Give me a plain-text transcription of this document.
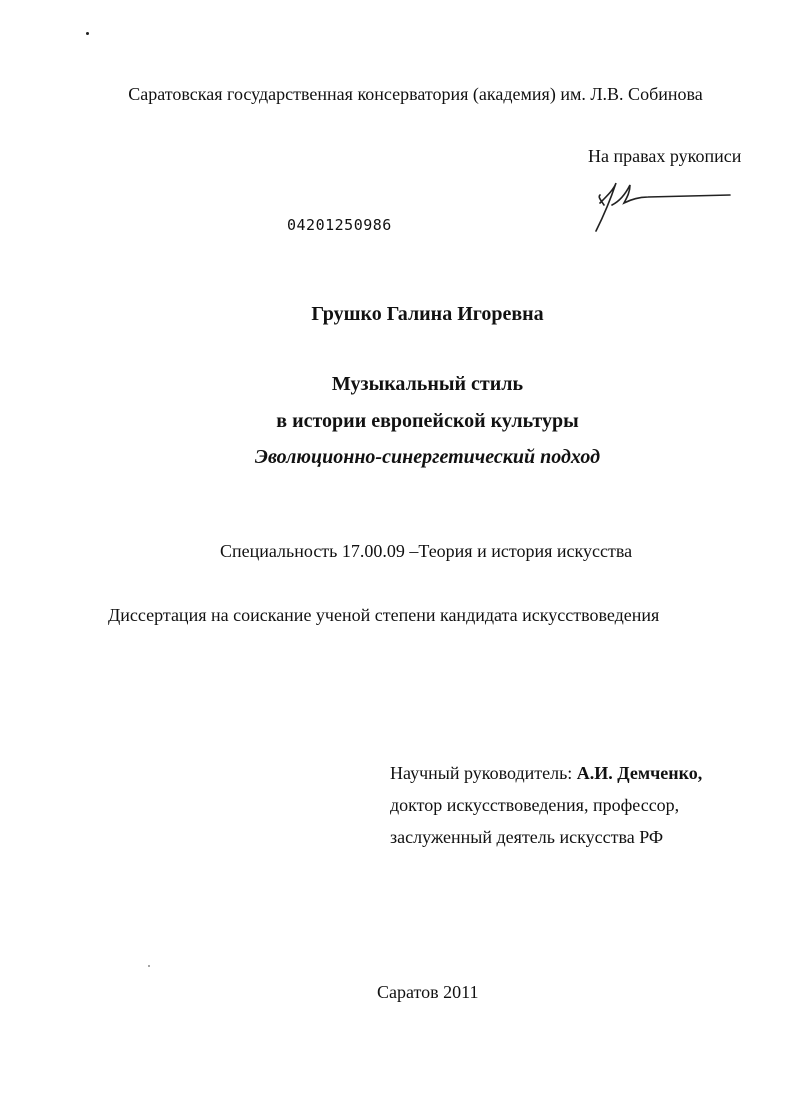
Саратовская государственная консерватория (академия) им. Л.В. Собинова
На правах рукописи
04201250986
Грушко Галина Игоревна
Музыкальный стиль
в истории европейской культуры
Эволюционно-синергетический подход
Специальность 17.00.09 –Теория и история искусства
Диссертация на соискание ученой степени кандидата искусствоведения
Научный руководитель: А.И. Демченко,
доктор искусствоведения, профессор,
заслуженный деятель искусства РФ
Саратов 2011
